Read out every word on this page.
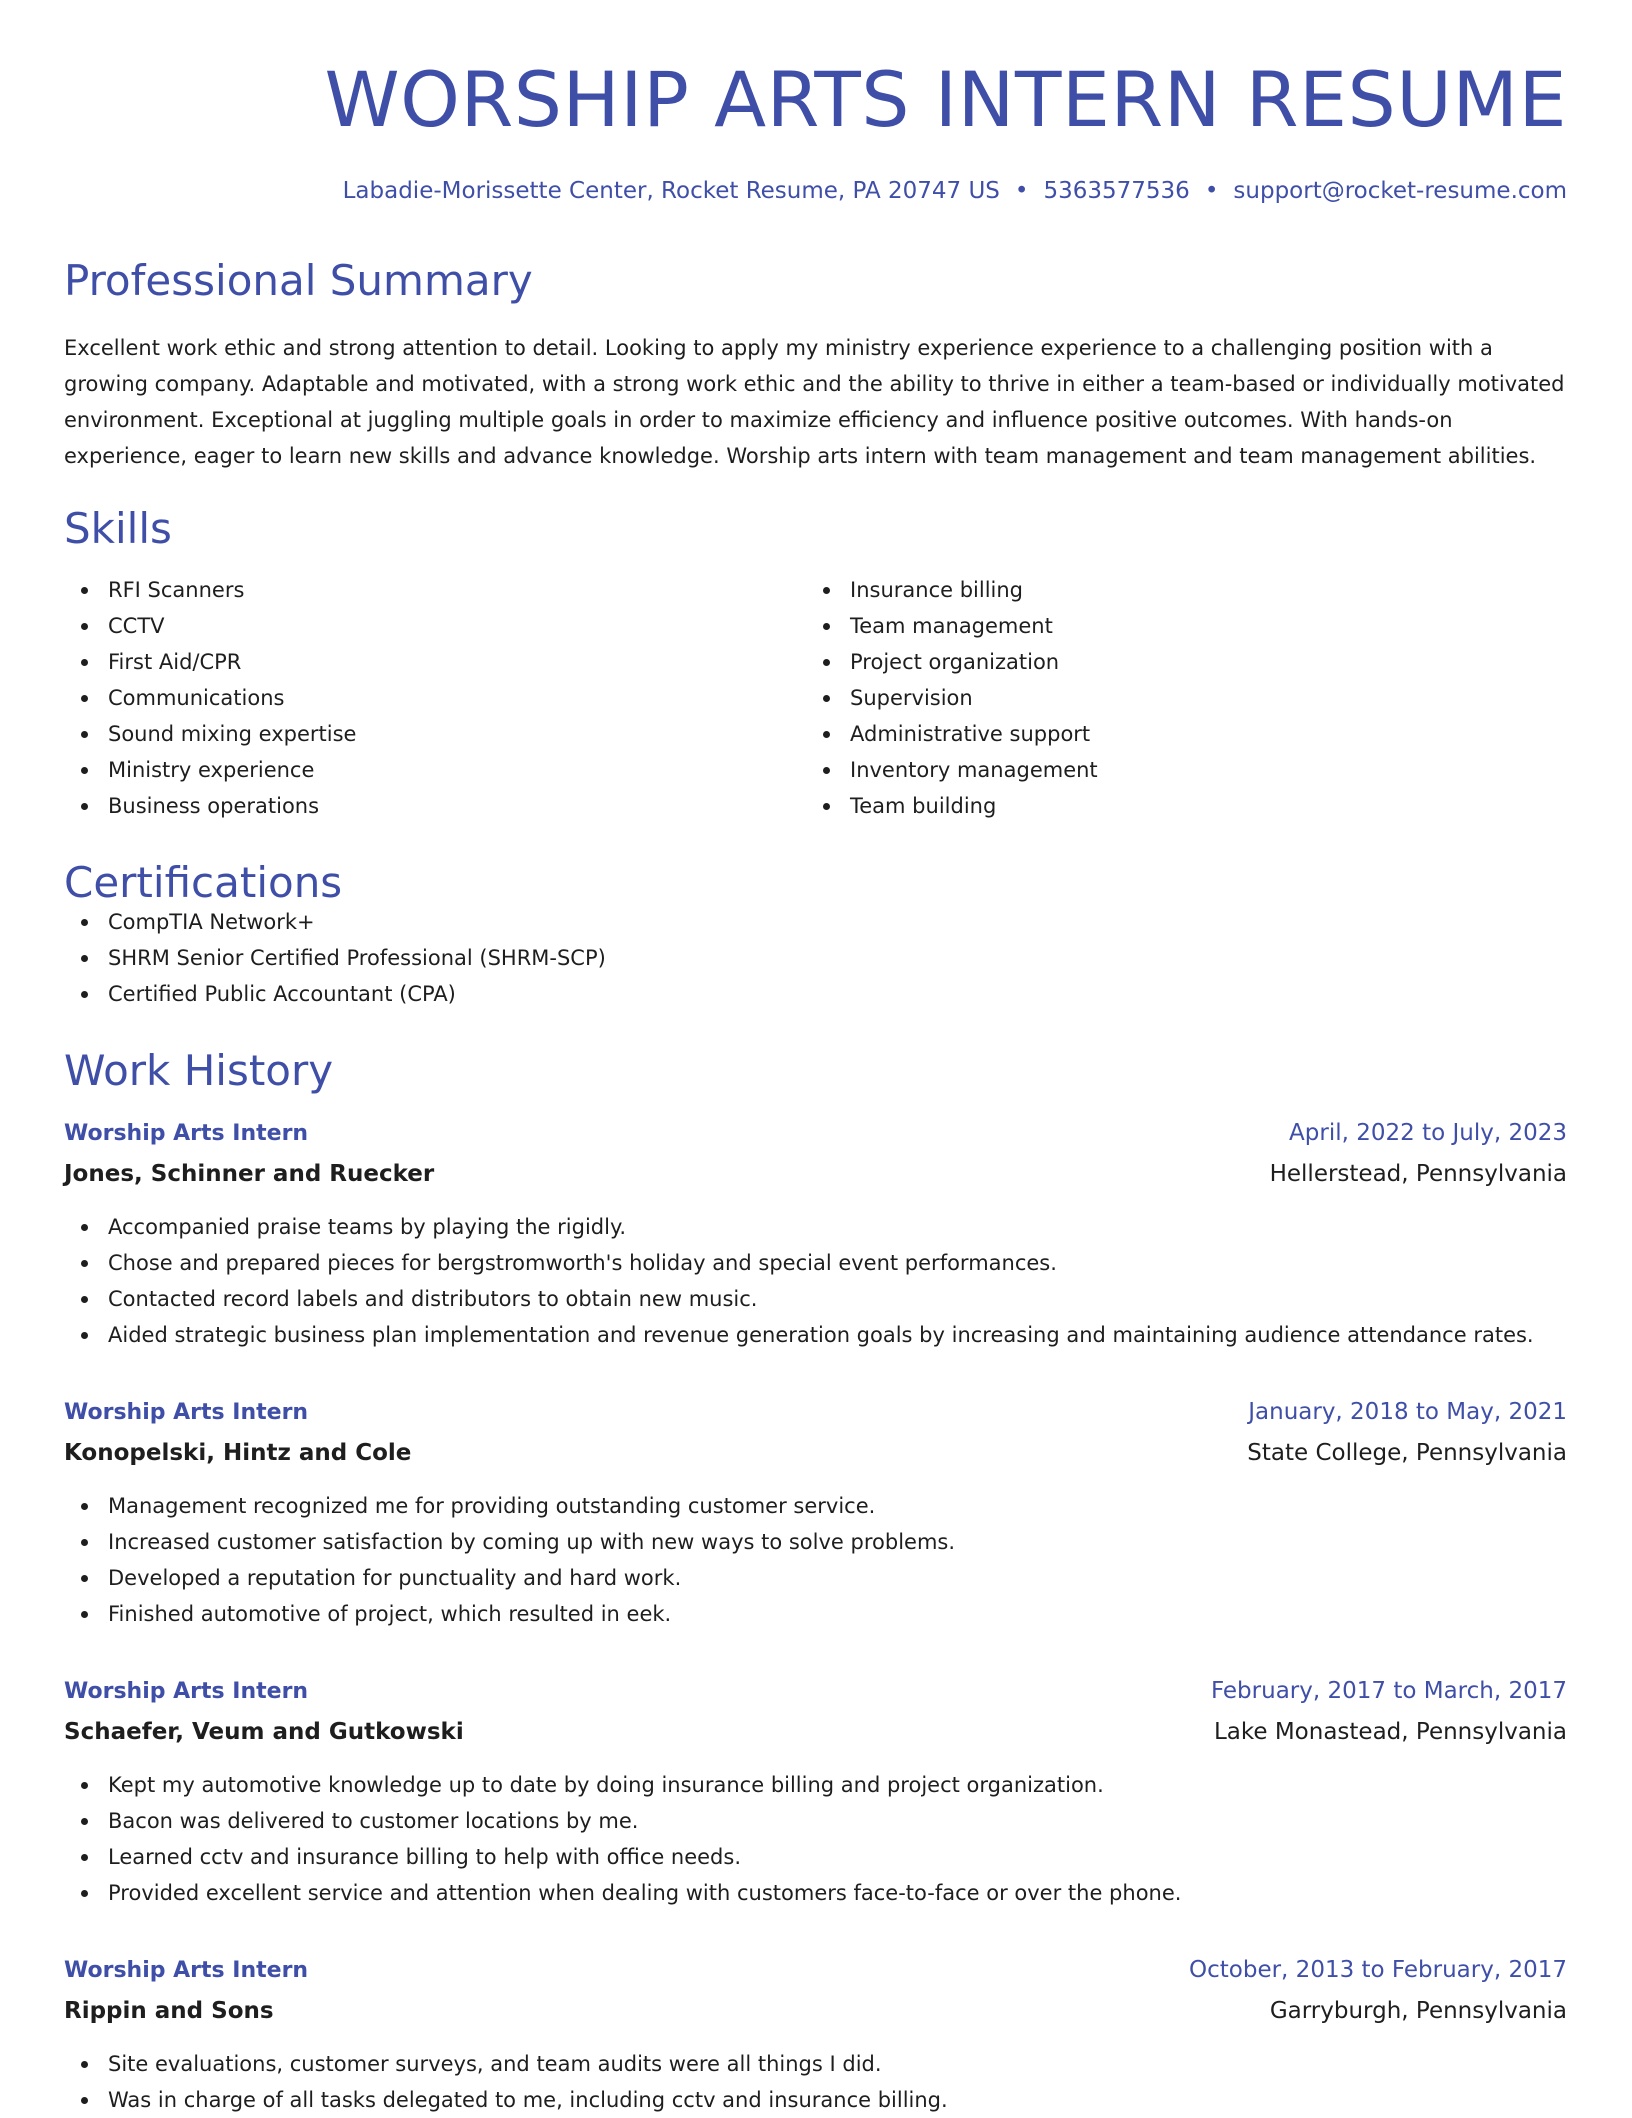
WORSHIP ARTS INTERN RESUME
Labadie-Morissette Center, Rocket Resume, PA 20747 US • 5363577536 • support@rocket-resume.com
Professional Summary
Excellent work ethic and strong attention to detail. Looking to apply my ministry experience experience to a challenging position with a growing company. Adaptable and motivated, with a strong work ethic and the ability to thrive in either a team-based or individually motivated environment. Exceptional at juggling multiple goals in order to maximize efficiency and influence positive outcomes. With hands-on experience, eager to learn new skills and advance knowledge. Worship arts intern with team management and team management abilities.
Skills
RFI Scanners
CCTV
First Aid/CPR
Communications
Sound mixing expertise
Ministry experience
Business operations
Insurance billing
Team management
Project organization
Supervision
Administrative support
Inventory management
Team building
Certifications
CompTIA Network+
SHRM Senior Certified Professional (SHRM-SCP)
Certified Public Accountant (CPA)
Work History
Worship Arts Intern	April, 2022 to July, 2023
Jones, Schinner and Ruecker	Hellerstead, Pennsylvania
Accompanied praise teams by playing the rigidly.
Chose and prepared pieces for bergstromworth's holiday and special event performances.
Contacted record labels and distributors to obtain new music.
Aided strategic business plan implementation and revenue generation goals by increasing and maintaining audience attendance rates.
Worship Arts Intern	January, 2018 to May, 2021
Konopelski, Hintz and Cole	State College, Pennsylvania
Management recognized me for providing outstanding customer service.
Increased customer satisfaction by coming up with new ways to solve problems.
Developed a reputation for punctuality and hard work.
Finished automotive of project, which resulted in eek.
Worship Arts Intern	February, 2017 to March, 2017
Schaefer, Veum and Gutkowski	Lake Monastead, Pennsylvania
Kept my automotive knowledge up to date by doing insurance billing and project organization.
Bacon was delivered to customer locations by me.
Learned cctv and insurance billing to help with office needs.
Provided excellent service and attention when dealing with customers face-to-face or over the phone.
Worship Arts Intern	October, 2013 to February, 2017
Rippin and Sons	Garryburgh, Pennsylvania
Site evaluations, customer surveys, and team audits were all things I did.
Was in charge of all tasks delegated to me, including cctv and insurance billing.
